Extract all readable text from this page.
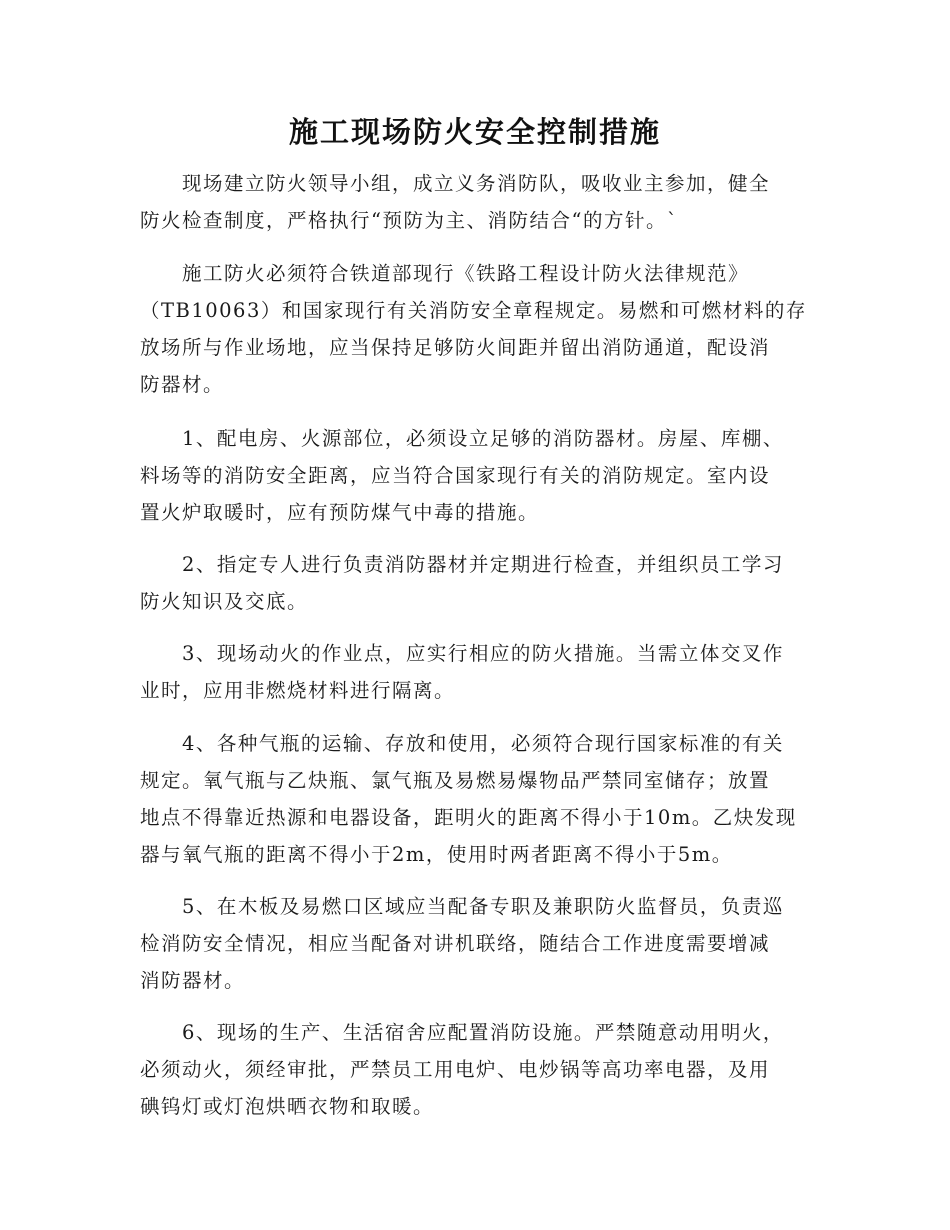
施工现场防火安全控制措施
　　现场建立防火领导小组，成立义务消防队，吸收业主参加，健全
防火检查制度，严格执行“预防为主、消防结合“的方针。`
　　施工防火必须符合铁道部现行《铁路工程设计防火法律规范》
（TB10063）和国家现行有关消防安全章程规定。易燃和可燃材料的存
放场所与作业场地，应当保持足够防火间距并留出消防通道，配设消
防器材。
　　1、配电房、火源部位，必须设立足够的消防器材。房屋、库棚、
料场等的消防安全距离，应当符合国家现行有关的消防规定。室内设
置火炉取暖时，应有预防煤气中毒的措施。
　　2、指定专人进行负责消防器材并定期进行检查，并组织员工学习
防火知识及交底。
　　3、现场动火的作业点，应实行相应的防火措施。当需立体交叉作
业时，应用非燃烧材料进行隔离。
　　4、各种气瓶的运输、存放和使用，必须符合现行国家标准的有关
规定。氧气瓶与乙炔瓶、氯气瓶及易燃易爆物品严禁同室储存；放置
地点不得靠近热源和电器设备，距明火的距离不得小于10m。乙炔发现
器与氧气瓶的距离不得小于2m，使用时两者距离不得小于5m。
　　5、在木板及易燃口区域应当配备专职及兼职防火监督员，负责巡
检消防安全情况，相应当配备对讲机联络，随结合工作进度需要增减
消防器材。
　　6、现场的生产、生活宿舍应配置消防设施。严禁随意动用明火，
必须动火，须经审批，严禁员工用电炉、电炒锅等高功率电器，及用
碘钨灯或灯泡烘晒衣物和取暖。
